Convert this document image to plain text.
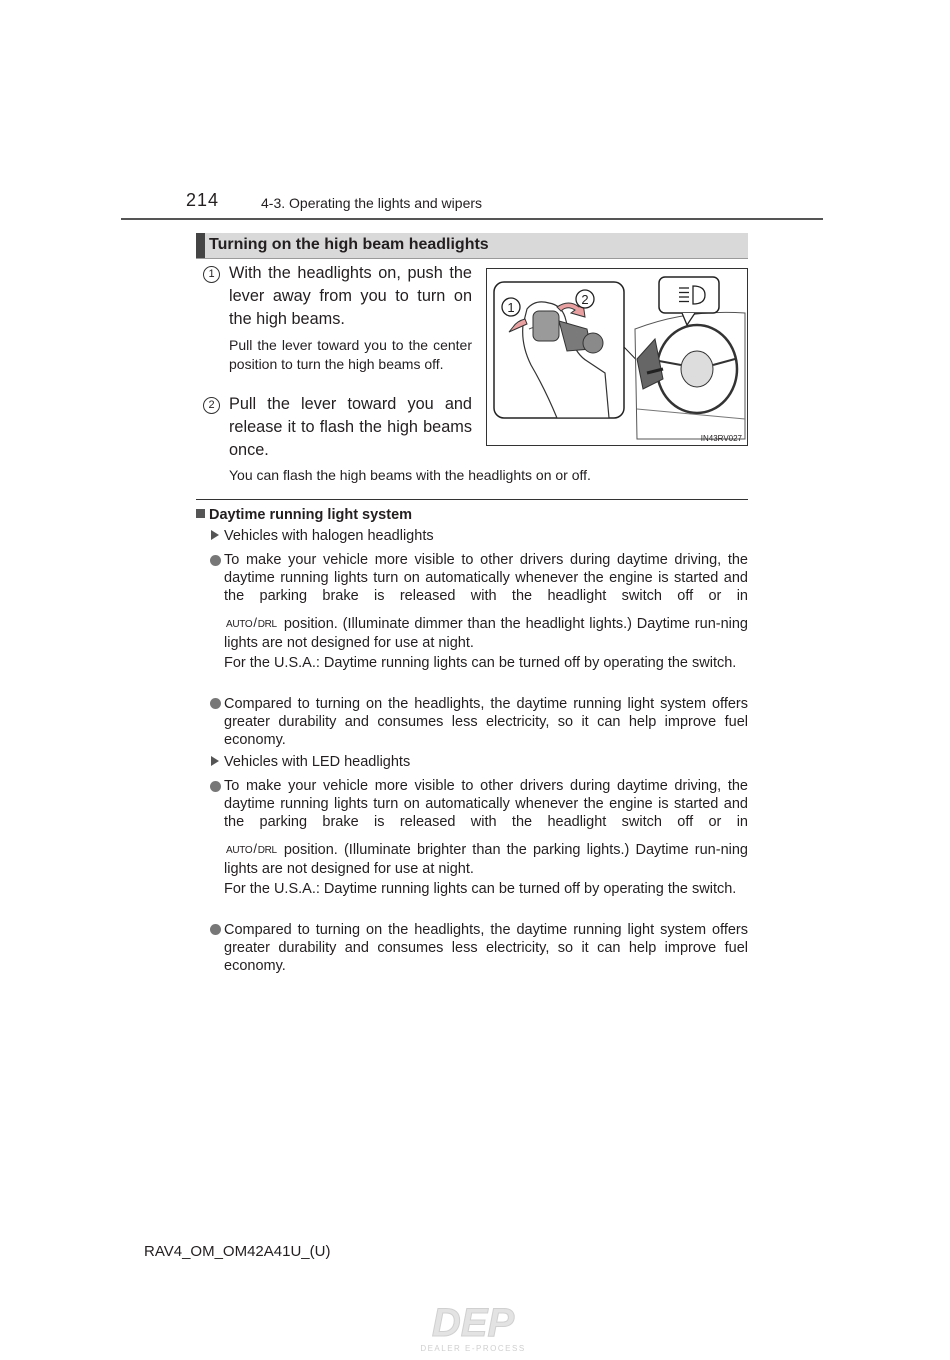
214	4-3. Operating the lights and wipers
Turning on the high beam headlights
1 With the headlights on, push the lever away from you to turn on the high beams.
Pull the lever toward you to the center position to turn the high beams off.
2 Pull the lever toward you and release it to flash the high beams once.
You can flash the high beams with the headlights on or off.
1
2
IN43RV027
Daytime running light system
Vehicles with halogen headlights
To make your vehicle more visible to other drivers during daytime driving, the daytime running lights turn on automatically whenever the engine is started and the parking brake is released with the headlight switch off or in
AUTO/DRL position. (Illuminate dimmer than the headlight lights.) Daytime run-ning lights are not designed for use at night.
For the U.S.A.: Daytime running lights can be turned off by operating the switch.
Compared to turning on the headlights, the daytime running light system offers greater durability and consumes less electricity, so it can help improve fuel economy.
Vehicles with LED headlights
To make your vehicle more visible to other drivers during daytime driving, the daytime running lights turn on automatically whenever the engine is started and the parking brake is released with the headlight switch off or in
AUTO/DRL position. (Illuminate brighter than the parking lights.) Daytime run-ning lights are not designed for use at night.
For the U.S.A.: Daytime running lights can be turned off by operating the switch.
Compared to turning on the headlights, the daytime running light system offers greater durability and consumes less electricity, so it can help improve fuel economy.
RAV4_OM_OM42A41U_(U)
DEP
DEALER E-PROCESS
